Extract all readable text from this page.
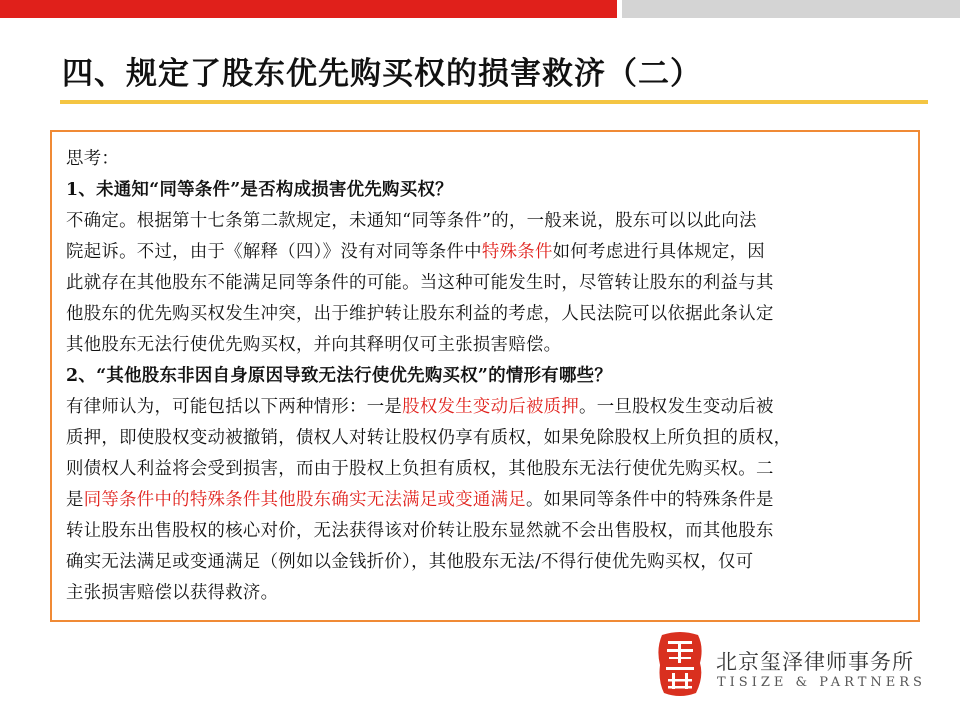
四、规定了股东优先购买权的损害救济（二）
思考：
1、未通知“同等条件”是否构成损害优先购买权？
不确定。根据第十七条第二款规定，未通知“同等条件”的，一般来说，股东可以以此向法
院起诉。不过，由于《解释（四）》没有对同等条件中特殊条件如何考虑进行具体规定，因
此就存在其他股东不能满足同等条件的可能。当这种可能发生时，尽管转让股东的利益与其
他股东的优先购买权发生冲突，出于维护转让股东利益的考虑，人民法院可以依据此条认定
其他股东无法行使优先购买权，并向其释明仅可主张损害赔偿。
2、“其他股东非因自身原因导致无法行使优先购买权”的情形有哪些？
有律师认为，可能包括以下两种情形：一是股权发生变动后被质押。一旦股权发生变动后被
质押，即使股权变动被撤销，债权人对转让股权仍享有质权，如果免除股权上所负担的质权，
则债权人利益将会受到损害，而由于股权上负担有质权，其他股东无法行使优先购买权。二
是同等条件中的特殊条件其他股东确实无法满足或变通满足。如果同等条件中的特殊条件是
转让股东出售股权的核心对价，无法获得该对价转让股东显然就不会出售股权，而其他股东
确实无法满足或变通满足（例如以金钱折价），其他股东无法/不得行使优先购买权，仅可
主张损害赔偿以获得救济。
北京玺泽律师事务所
TISIZE & PARTNERS
